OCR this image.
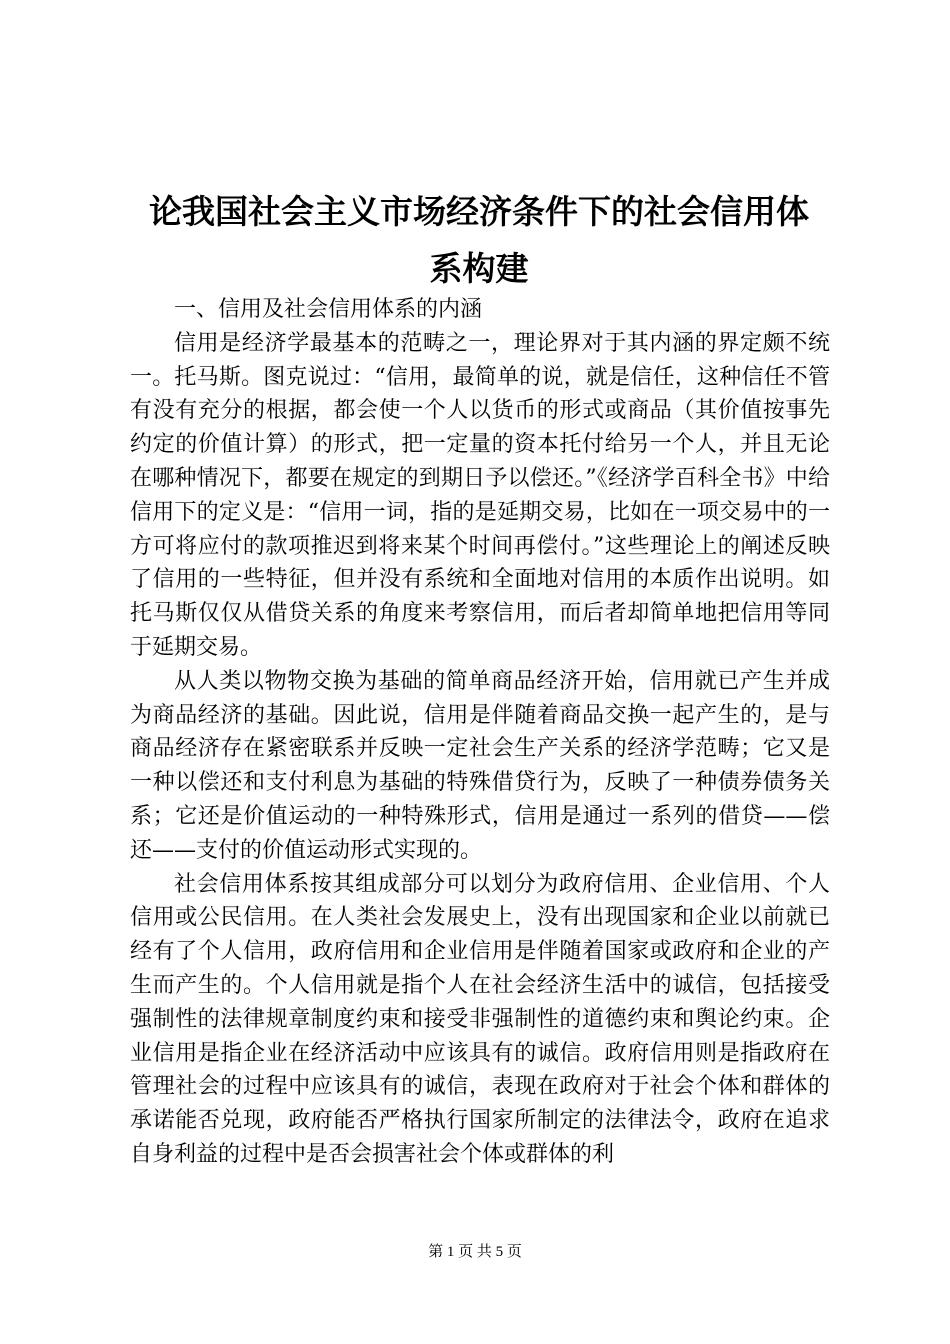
论我国社会主义市场经济条件下的社会信用体
系构建

一、信用及社会信用体系的内涵

信用是经济学最基本的范畴之一，理论界对于其内涵的界定颇不统一。托马斯。图克说过：“信用，最简单的说，就是信任，这种信任不管有没有充分的根据，都会使一个人以货币的形式或商品（其价值按事先约定的价值计算）的形式，把一定量的资本托付给另一个人，并且无论在哪种情况下，都要在规定的到期日予以偿还。”《经济学百科全书》中给信用下的定义是：“信用一词，指的是延期交易，比如在一项交易中的一方可将应付的款项推迟到将来某个时间再偿付。”这些理论上的阐述反映了信用的一些特征，但并没有系统和全面地对信用的本质作出说明。如托马斯仅仅从借贷关系的角度来考察信用，而后者却简单地把信用等同于延期交易。

从人类以物物交换为基础的简单商品经济开始，信用就已产生并成为商品经济的基础。因此说，信用是伴随着商品交换一起产生的，是与商品经济存在紧密联系并反映一定社会生产关系的经济学范畴；它又是一种以偿还和支付利息为基础的特殊借贷行为，反映了一种债券债务关系；它还是价值运动的一种特殊形式，信用是通过一系列的借贷——偿还——支付的价值运动形式实现的。

社会信用体系按其组成部分可以划分为政府信用、企业信用、个人信用或公民信用。在人类社会发展史上，没有出现国家和企业以前就已经有了个人信用，政府信用和企业信用是伴随着国家或政府和企业的产生而产生的。个人信用就是指个人在社会经济生活中的诚信，包括接受强制性的法律规章制度约束和接受非强制性的道德约束和舆论约束。企业信用是指企业在经济活动中应该具有的诚信。政府信用则是指政府在管理社会的过程中应该具有的诚信，表现在政府对于社会个体和群体的承诺能否兑现，政府能否严格执行国家所制定的法律法令，政府在追求自身利益的过程中是否会损害社会个体或群体的利

第 1 页 共 5 页
